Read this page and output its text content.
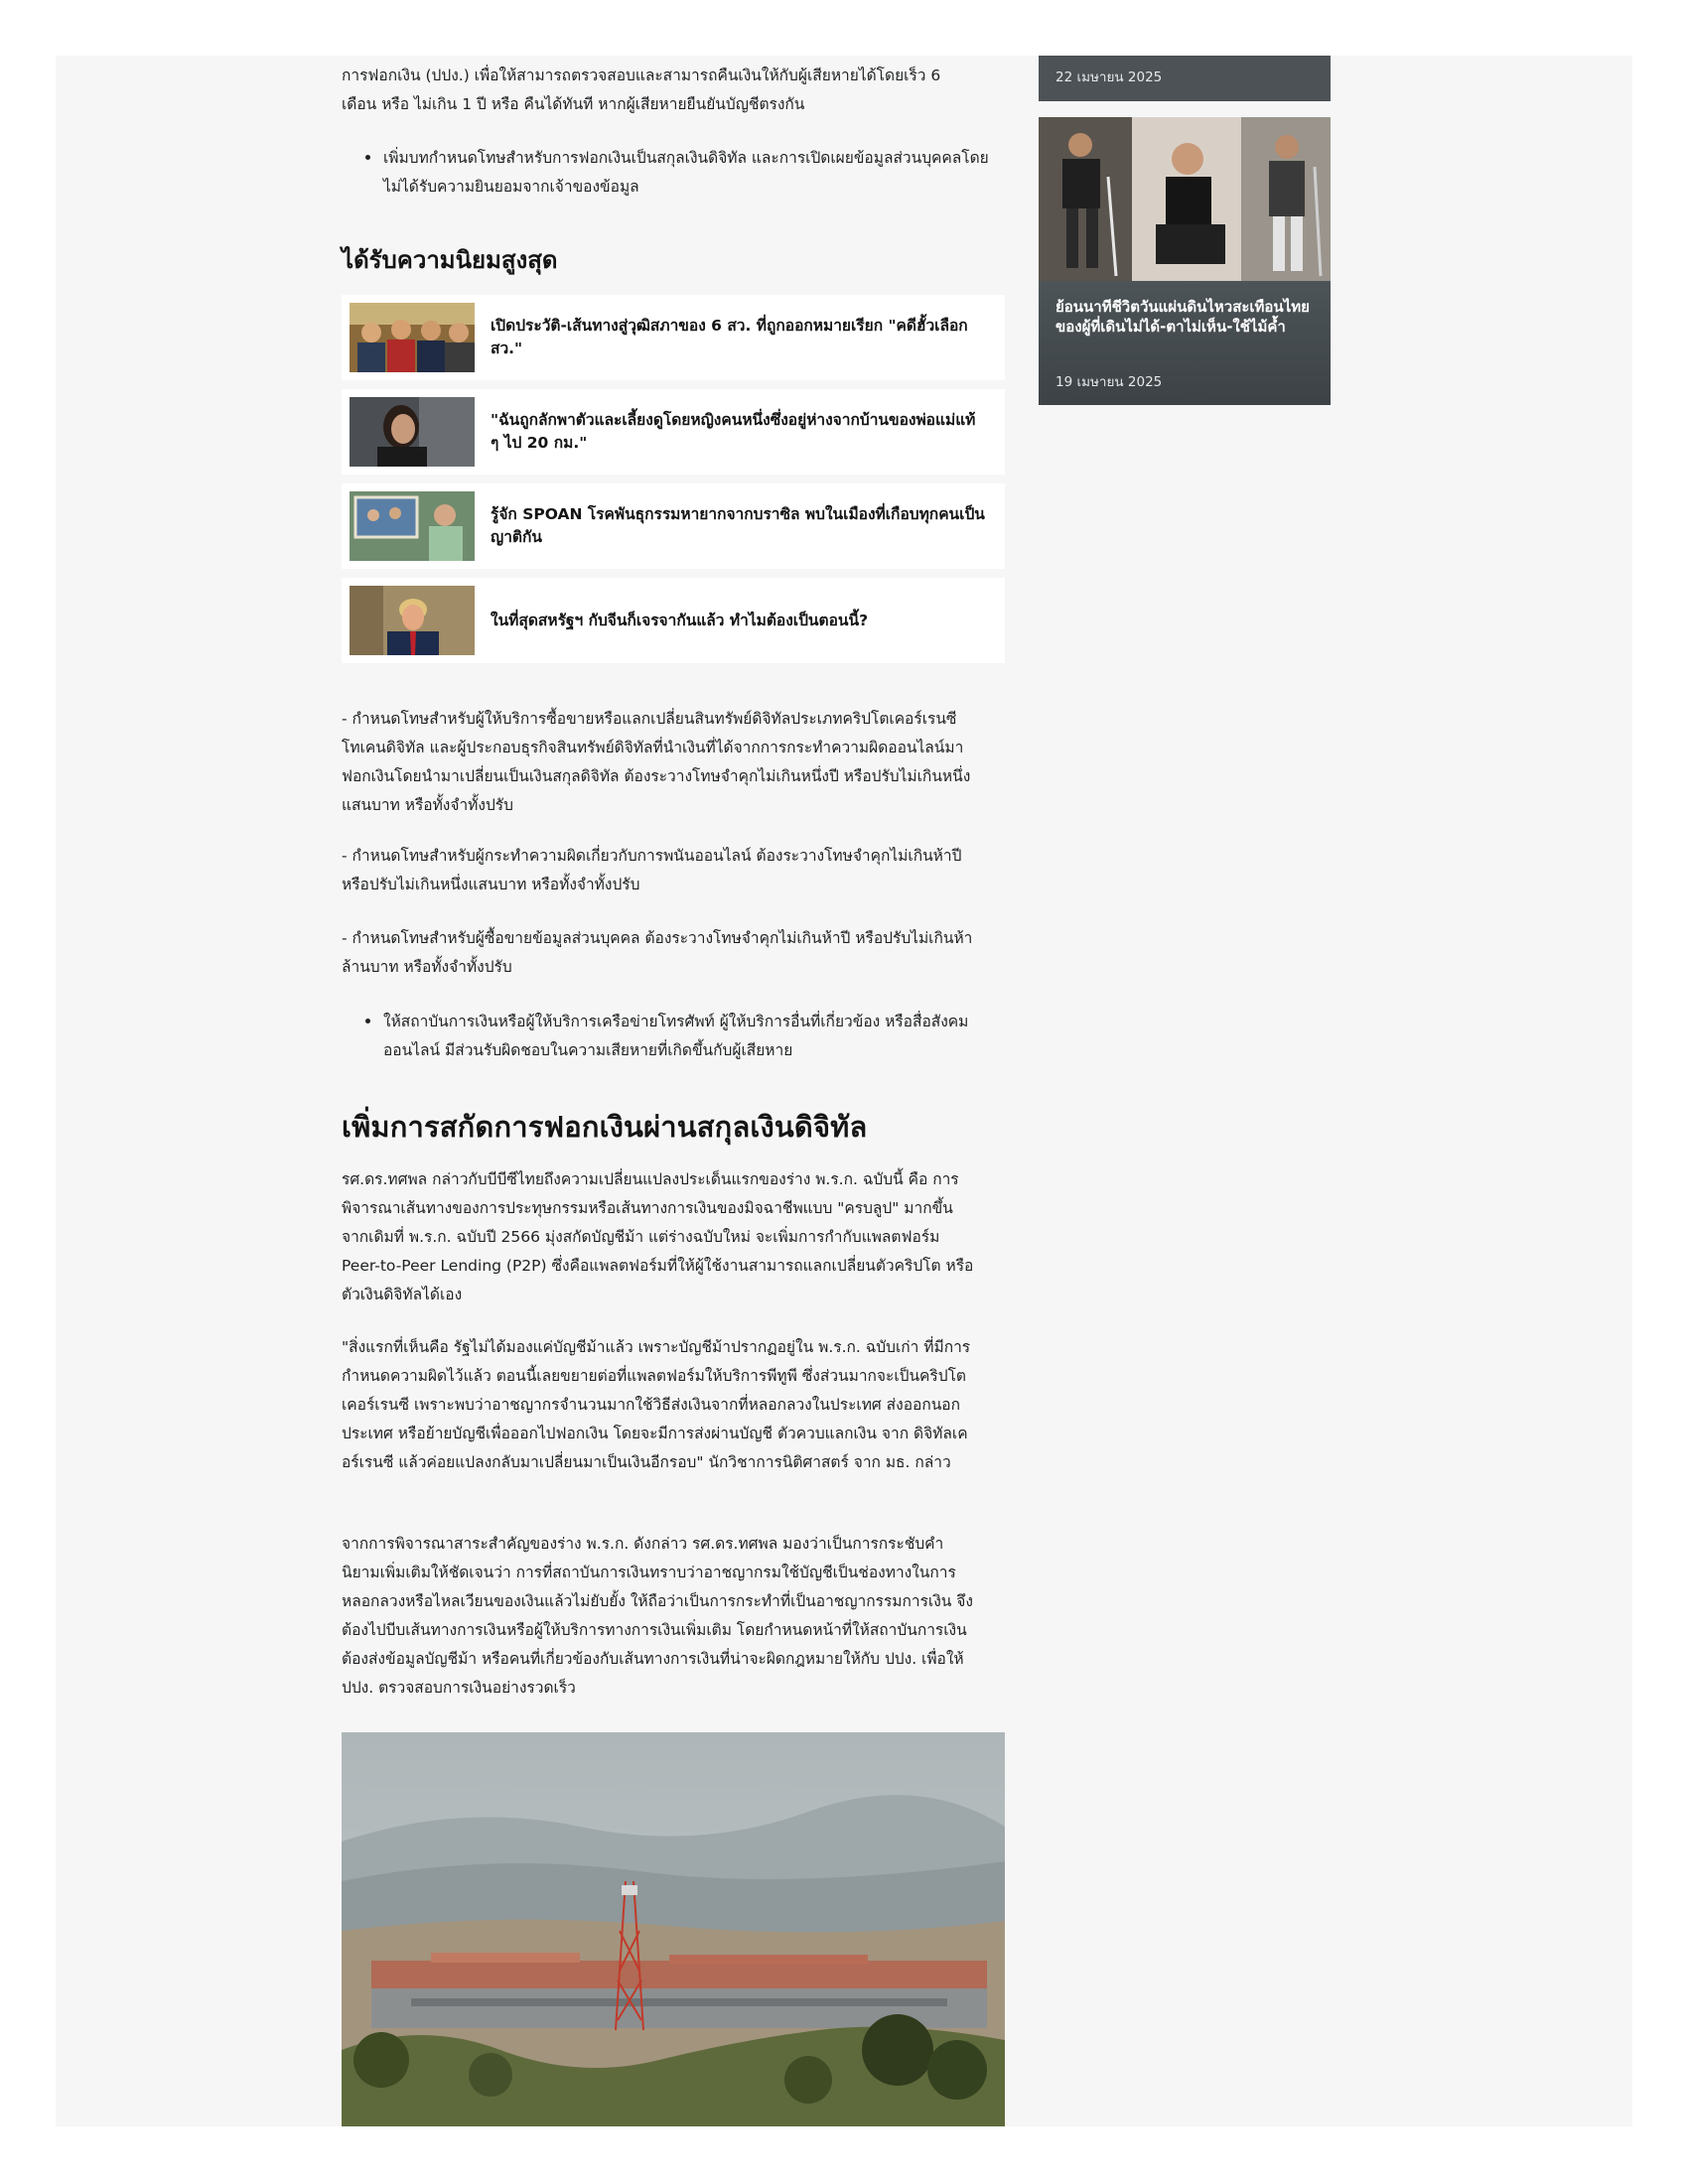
การฟอกเงิน (ปปง.) เพื่อให้สามารถตรวจสอบและสามารถคืนเงินให้กับผู้เสียหายได้โดยเร็ว 6 เดือน หรือ ไม่เกิน 1 ปี หรือ คืนได้ทันที หากผู้เสียหายยืนยันบัญชีตรงกัน

เพิ่มบทกำหนดโทษสำหรับการฟอกเงินเป็นสกุลเงินดิจิทัล และการเปิดเผยข้อมูลส่วนบุคคลโดยไม่ได้รับความยินยอมจากเจ้าของข้อมูล
ได้รับความนิยมสูงสุด
เปิดประวัติ-เส้นทางสู่วุฒิสภาของ 6 สว. ที่ถูกออกหมายเรียก "คดีฮั้วเลือก สว."
"ฉันถูกลักพาตัวและเลี้ยงดูโดยหญิงคนหนึ่งซึ่งอยู่ห่างจากบ้านของพ่อแม่แท้ ๆ ไป 20 กม."
รู้จัก SPOAN โรคพันธุกรรมหายากจากบราซิล พบในเมืองที่เกือบทุกคนเป็นญาติกัน
ในที่สุดสหรัฐฯ กับจีนก็เจรจากันแล้ว ทำไมต้องเป็นตอนนี้?

- กำหนดโทษสำหรับผู้ให้บริการซื้อขายหรือแลกเปลี่ยนสินทรัพย์ดิจิทัลประเภทคริปโตเคอร์เรนซี โทเคนดิจิทัล และผู้ประกอบธุรกิจสินทรัพย์ดิจิทัลที่นำเงินที่ได้จากการกระทำความผิดออนไลน์มาฟอกเงินโดยนำมาเปลี่ยนเป็นเงินสกุลดิจิทัล ต้องระวางโทษจำคุกไม่เกินหนึ่งปี หรือปรับไม่เกินหนึ่งแสนบาท หรือทั้งจำทั้งปรับ

- กำหนดโทษสำหรับผู้กระทำความผิดเกี่ยวกับการพนันออนไลน์ ต้องระวางโทษจำคุกไม่เกินห้าปีหรือปรับไม่เกินหนึ่งแสนบาท หรือทั้งจำทั้งปรับ

- กำหนดโทษสำหรับผู้ซื้อขายข้อมูลส่วนบุคคล ต้องระวางโทษจำคุกไม่เกินห้าปี หรือปรับไม่เกินห้าล้านบาท หรือทั้งจำทั้งปรับ

ให้สถาบันการเงินหรือผู้ให้บริการเครือข่ายโทรศัพท์ ผู้ให้บริการอื่นที่เกี่ยวข้อง หรือสื่อสังคมออนไลน์ มีส่วนรับผิดชอบในความเสียหายที่เกิดขึ้นกับผู้เสียหาย
เพิ่มการสกัดการฟอกเงินผ่านสกุลเงินดิจิทัล

รศ.ดร.ทศพล กล่าวกับบีบีซีไทยถึงความเปลี่ยนแปลงประเด็นแรกของร่าง พ.ร.ก. ฉบับนี้ คือ การพิจารณาเส้นทางของการประทุษกรรมหรือเส้นทางการเงินของมิจฉาชีพแบบ "ครบลูป" มากขึ้น จากเดิมที่ พ.ร.ก. ฉบับปี 2566 มุ่งสกัดบัญชีม้า แต่ร่างฉบับใหม่ จะเพิ่มการกำกับแพลตฟอร์ม Peer-to-Peer Lending (P2P) ซึ่งคือแพลตฟอร์มที่ให้ผู้ใช้งานสามารถแลกเปลี่ยนตัวคริปโต หรือตัวเงินดิจิทัลได้เอง

"สิ่งแรกที่เห็นคือ รัฐไม่ได้มองแค่บัญชีม้าแล้ว เพราะบัญชีม้าปรากฏอยู่ใน พ.ร.ก. ฉบับเก่า ที่มีการกำหนดความผิดไว้แล้ว ตอนนี้เลยขยายต่อที่แพลตฟอร์มให้บริการพีทูพี ซึ่งส่วนมากจะเป็นคริปโตเคอร์เรนซี เพราะพบว่าอาชญากรจำนวนมากใช้วิธีส่งเงินจากที่หลอกลวงในประเทศ ส่งออกนอกประเทศ หรือย้ายบัญชีเพื่อออกไปฟอกเงิน โดยจะมีการส่งผ่านบัญชี ตัวควบแลกเงิน จาก ดิจิทัลเคอร์เรนซี แล้วค่อยแปลงกลับมาเปลี่ยนมาเป็นเงินอีกรอบ" นักวิชาการนิติศาสตร์ จาก มธ. กล่าว

จากการพิจารณาสาระสำคัญของร่าง พ.ร.ก. ดังกล่าว รศ.ดร.ทศพล มองว่าเป็นการกระชับคำนิยามเพิ่มเติมให้ชัดเจนว่า การที่สถาบันการเงินทราบว่าอาชญากรมใช้บัญชีเป็นช่องทางในการหลอกลวงหรือไหลเวียนของเงินแล้วไม่ยับยั้ง ให้ถือว่าเป็นการกระทำที่เป็นอาชญากรรมการเงิน จึงต้องไปบีบเส้นทางการเงินหรือผู้ให้บริการทางการเงินเพิ่มเติม โดยกำหนดหน้าที่ให้สถาบันการเงินต้องส่งข้อมูลบัญชีม้า หรือคนที่เกี่ยวข้องกับเส้นทางการเงินที่น่าจะผิดกฎหมายให้กับ ปปง. เพื่อให้ ปปง. ตรวจสอบการเงินอย่างรวดเร็ว

22 เมษายน 2025
ย้อนนาทีชีวิตวันแผ่นดินไหวสะเทือนไทยของผู้ที่เดินไม่ได้-ตาไม่เห็น-ใช้ไม้ค้ำ
19 เมษายน 2025
